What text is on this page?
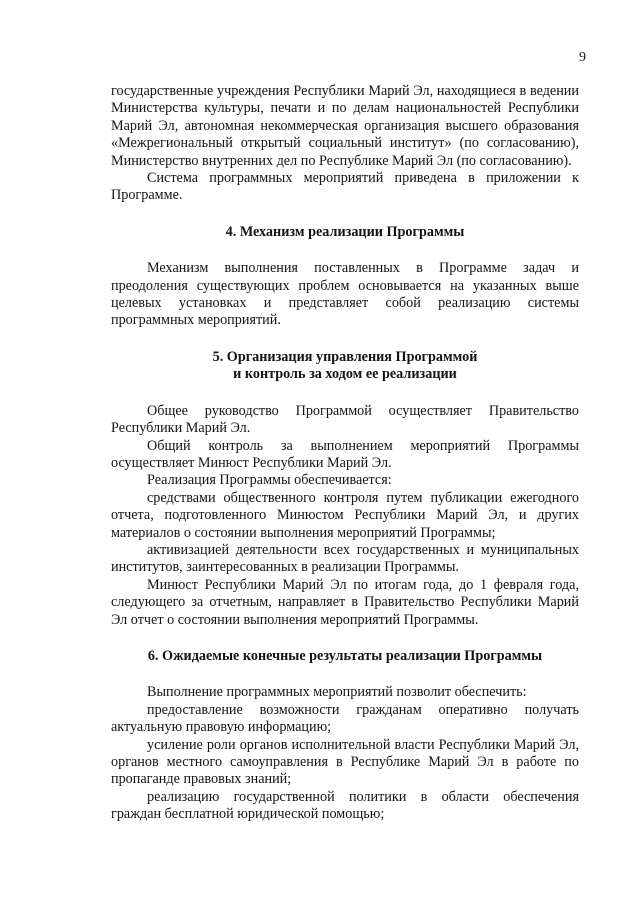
9

государственные учреждения Республики Марий Эл, находящиеся в ведении Министерства культуры, печати и по делам национальностей Республики Марий Эл, автономная некоммерческая организация высшего образования «Межрегиональный открытый социальный институт» (по согласованию), Министерство внутренних дел по Республике Марий Эл (по согласованию).

Система программных мероприятий приведена в приложении к Программе.

4. Механизм реализации Программы

Механизм выполнения поставленных в Программе задач и преодоления существующих проблем основывается на указанных выше целевых установках и представляет собой реализацию системы программных мероприятий.

5. Организация управления Программой

и контроль за ходом ее реализации

Общее руководство Программой осуществляет Правительство Республики Марий Эл.

Общий контроль за выполнением мероприятий Программы осуществляет Минюст Республики Марий Эл.

Реализация Программы обеспечивается:

средствами общественного контроля путем публикации ежегодного отчета, подготовленного Минюстом Республики Марий Эл, и других материалов о состоянии выполнения мероприятий Программы;

активизацией деятельности всех государственных и муниципальных институтов, заинтересованных в реализации Программы.

Минюст Республики Марий Эл по итогам года, до 1 февраля года, следующего за отчетным, направляет в Правительство Республики Марий Эл отчет о состоянии выполнения мероприятий Программы.

6. Ожидаемые конечные результаты реализации Программы

Выполнение программных мероприятий позволит обеспечить:

предоставление возможности гражданам оперативно получать актуальную правовую информацию;

усиление роли органов исполнительной власти Республики Марий Эл, органов местного самоуправления в Республике Марий Эл в работе по пропаганде правовых знаний;

реализацию государственной политики в области обеспечения граждан бесплатной юридической помощью;
